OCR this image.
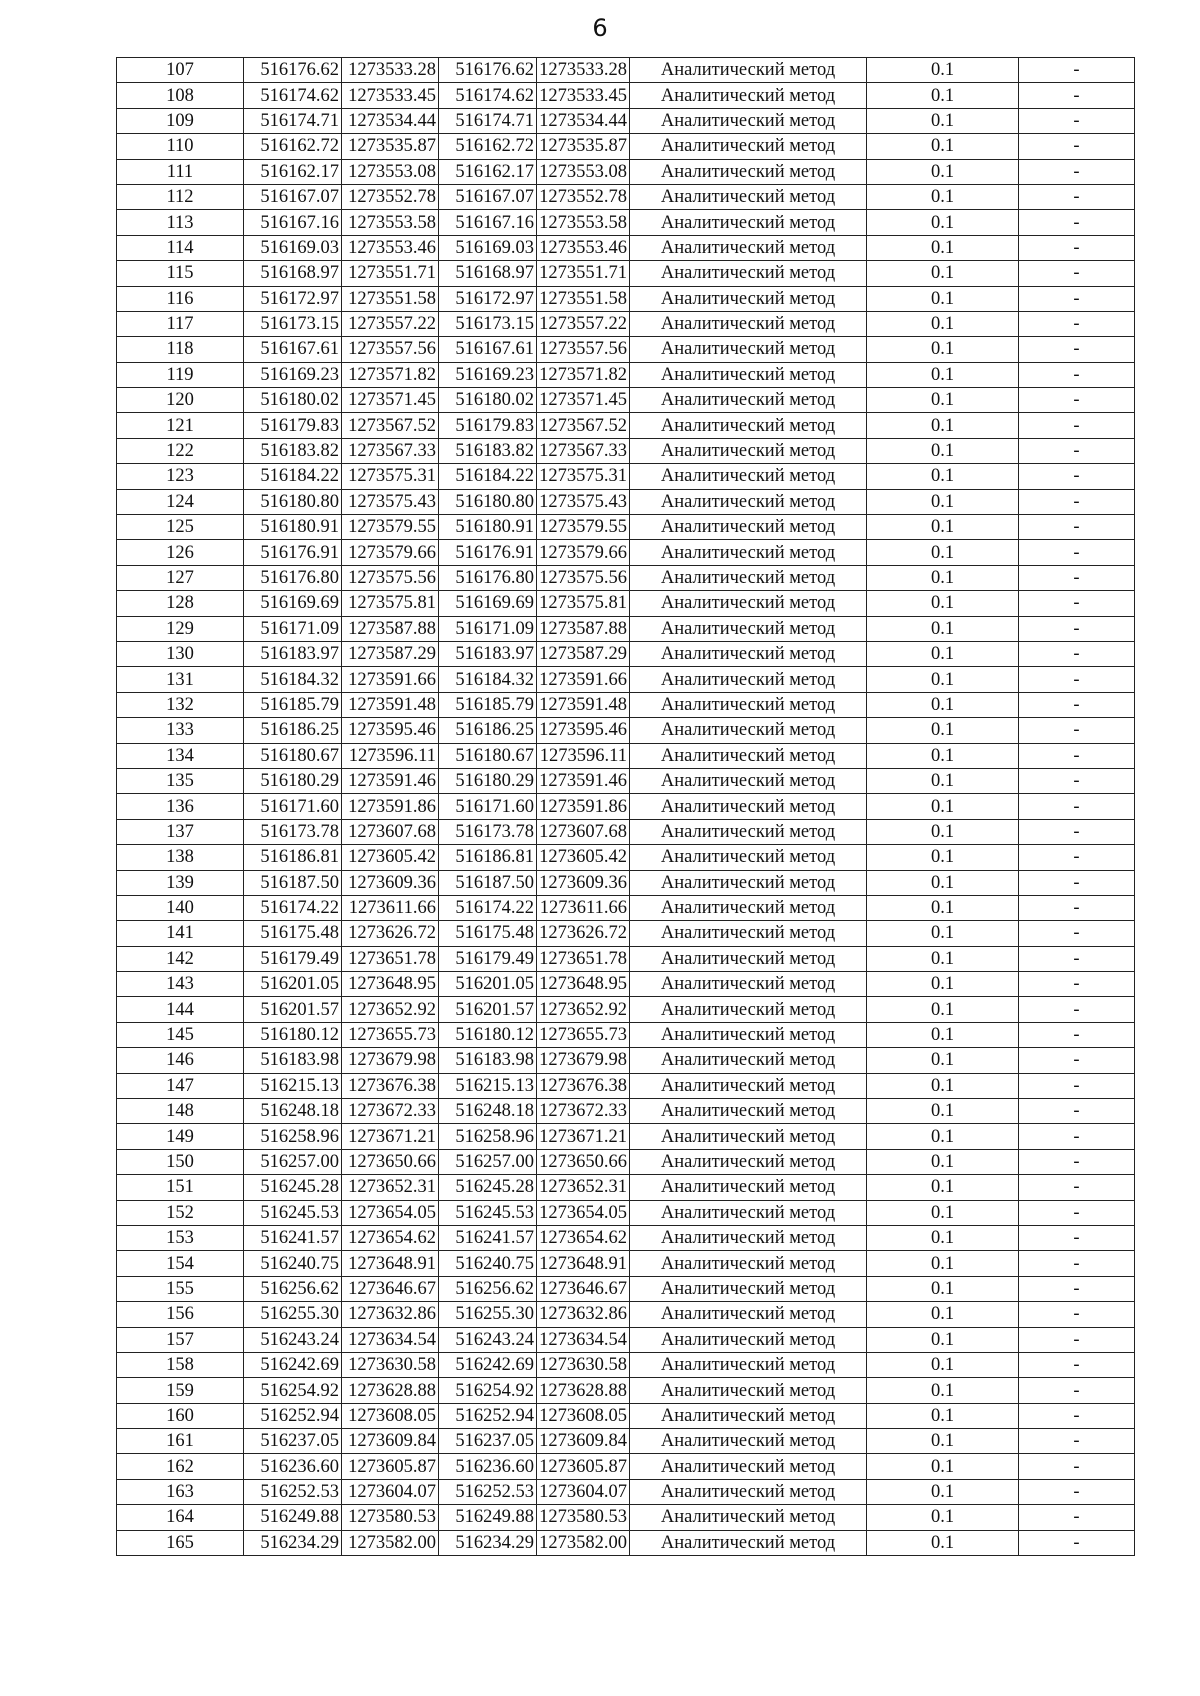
6
107	516176.62	1273533.28	516176.62	1273533.28	Аналитический метод	0.1	-
108	516174.62	1273533.45	516174.62	1273533.45	Аналитический метод	0.1	-
109	516174.71	1273534.44	516174.71	1273534.44	Аналитический метод	0.1	-
110	516162.72	1273535.87	516162.72	1273535.87	Аналитический метод	0.1	-
111	516162.17	1273553.08	516162.17	1273553.08	Аналитический метод	0.1	-
112	516167.07	1273552.78	516167.07	1273552.78	Аналитический метод	0.1	-
113	516167.16	1273553.58	516167.16	1273553.58	Аналитический метод	0.1	-
114	516169.03	1273553.46	516169.03	1273553.46	Аналитический метод	0.1	-
115	516168.97	1273551.71	516168.97	1273551.71	Аналитический метод	0.1	-
116	516172.97	1273551.58	516172.97	1273551.58	Аналитический метод	0.1	-
117	516173.15	1273557.22	516173.15	1273557.22	Аналитический метод	0.1	-
118	516167.61	1273557.56	516167.61	1273557.56	Аналитический метод	0.1	-
119	516169.23	1273571.82	516169.23	1273571.82	Аналитический метод	0.1	-
120	516180.02	1273571.45	516180.02	1273571.45	Аналитический метод	0.1	-
121	516179.83	1273567.52	516179.83	1273567.52	Аналитический метод	0.1	-
122	516183.82	1273567.33	516183.82	1273567.33	Аналитический метод	0.1	-
123	516184.22	1273575.31	516184.22	1273575.31	Аналитический метод	0.1	-
124	516180.80	1273575.43	516180.80	1273575.43	Аналитический метод	0.1	-
125	516180.91	1273579.55	516180.91	1273579.55	Аналитический метод	0.1	-
126	516176.91	1273579.66	516176.91	1273579.66	Аналитический метод	0.1	-
127	516176.80	1273575.56	516176.80	1273575.56	Аналитический метод	0.1	-
128	516169.69	1273575.81	516169.69	1273575.81	Аналитический метод	0.1	-
129	516171.09	1273587.88	516171.09	1273587.88	Аналитический метод	0.1	-
130	516183.97	1273587.29	516183.97	1273587.29	Аналитический метод	0.1	-
131	516184.32	1273591.66	516184.32	1273591.66	Аналитический метод	0.1	-
132	516185.79	1273591.48	516185.79	1273591.48	Аналитический метод	0.1	-
133	516186.25	1273595.46	516186.25	1273595.46	Аналитический метод	0.1	-
134	516180.67	1273596.11	516180.67	1273596.11	Аналитический метод	0.1	-
135	516180.29	1273591.46	516180.29	1273591.46	Аналитический метод	0.1	-
136	516171.60	1273591.86	516171.60	1273591.86	Аналитический метод	0.1	-
137	516173.78	1273607.68	516173.78	1273607.68	Аналитический метод	0.1	-
138	516186.81	1273605.42	516186.81	1273605.42	Аналитический метод	0.1	-
139	516187.50	1273609.36	516187.50	1273609.36	Аналитический метод	0.1	-
140	516174.22	1273611.66	516174.22	1273611.66	Аналитический метод	0.1	-
141	516175.48	1273626.72	516175.48	1273626.72	Аналитический метод	0.1	-
142	516179.49	1273651.78	516179.49	1273651.78	Аналитический метод	0.1	-
143	516201.05	1273648.95	516201.05	1273648.95	Аналитический метод	0.1	-
144	516201.57	1273652.92	516201.57	1273652.92	Аналитический метод	0.1	-
145	516180.12	1273655.73	516180.12	1273655.73	Аналитический метод	0.1	-
146	516183.98	1273679.98	516183.98	1273679.98	Аналитический метод	0.1	-
147	516215.13	1273676.38	516215.13	1273676.38	Аналитический метод	0.1	-
148	516248.18	1273672.33	516248.18	1273672.33	Аналитический метод	0.1	-
149	516258.96	1273671.21	516258.96	1273671.21	Аналитический метод	0.1	-
150	516257.00	1273650.66	516257.00	1273650.66	Аналитический метод	0.1	-
151	516245.28	1273652.31	516245.28	1273652.31	Аналитический метод	0.1	-
152	516245.53	1273654.05	516245.53	1273654.05	Аналитический метод	0.1	-
153	516241.57	1273654.62	516241.57	1273654.62	Аналитический метод	0.1	-
154	516240.75	1273648.91	516240.75	1273648.91	Аналитический метод	0.1	-
155	516256.62	1273646.67	516256.62	1273646.67	Аналитический метод	0.1	-
156	516255.30	1273632.86	516255.30	1273632.86	Аналитический метод	0.1	-
157	516243.24	1273634.54	516243.24	1273634.54	Аналитический метод	0.1	-
158	516242.69	1273630.58	516242.69	1273630.58	Аналитический метод	0.1	-
159	516254.92	1273628.88	516254.92	1273628.88	Аналитический метод	0.1	-
160	516252.94	1273608.05	516252.94	1273608.05	Аналитический метод	0.1	-
161	516237.05	1273609.84	516237.05	1273609.84	Аналитический метод	0.1	-
162	516236.60	1273605.87	516236.60	1273605.87	Аналитический метод	0.1	-
163	516252.53	1273604.07	516252.53	1273604.07	Аналитический метод	0.1	-
164	516249.88	1273580.53	516249.88	1273580.53	Аналитический метод	0.1	-
165	516234.29	1273582.00	516234.29	1273582.00	Аналитический метод	0.1	-
